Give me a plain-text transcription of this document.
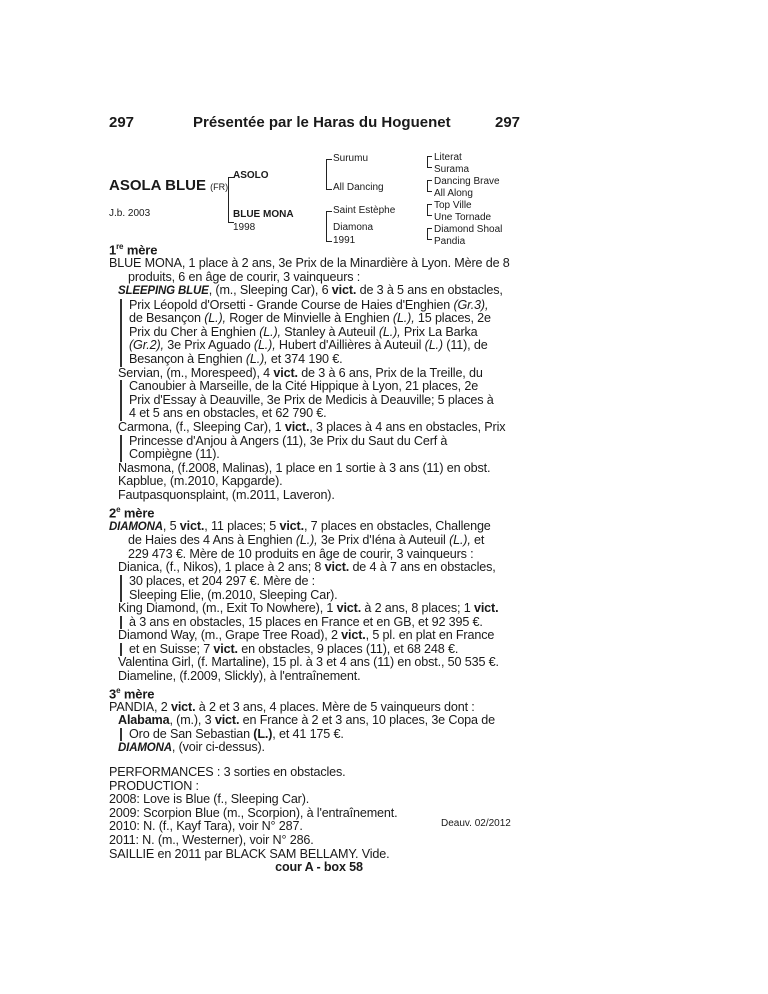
297	Présentée par le Haras du Hoguenet	297
ASOLA BLUE (FR)
J.b. 2003
ASOLO
BLUE MONA
1998
Surumu
All Dancing
Saint Estèphe
Diamona
1991
Literat
Surama
Dancing Brave
All Along
Top Ville
Une Tornade
Diamond Shoal
Pandia

1re mère

BLUE MONA, 1 place à 2 ans, 3e Prix de la Minardière à Lyon. Mère de 8 produits, 6 en âge de courir, 3 vainqueurs :

SLEEPING BLUE, (m., Sleeping Car), 6 vict. de 3 à 5 ans en obstacles,

Prix Léopold d'Orsetti - Grande Course de Haies d'Enghien (Gr.3),

de Besançon (L.), Roger de Minvielle à Enghien (L.), 15 places, 2e

Prix du Cher à Enghien (L.), Stanley à Auteuil (L.), Prix La Barka

(Gr.2), 3e Prix Aguado (L.), Hubert d'Aillières à Auteuil (L.) (11), de

Besançon à Enghien (L.), et 374 190 €.

Servian, (m., Morespeed), 4 vict. de 3 à 6 ans, Prix de la Treille, du

Canoubier à Marseille, de la Cité Hippique à Lyon, 21 places, 2e

Prix d'Essay à Deauville, 3e Prix de Medicis à Deauville; 5 places à

4 et 5 ans en obstacles, et 62 790 €.

Carmona, (f., Sleeping Car), 1 vict., 3 places à 4 ans en obstacles, Prix

Princesse d'Anjou à Angers (11), 3e Prix du Saut du Cerf à

Compiègne (11).

Nasmona, (f.2008, Malinas), 1 place en 1 sortie à 3 ans (11) en obst.

Kapblue, (m.2010, Kapgarde).

Fautpasquonsplaint, (m.2011, Laveron).

2e mère

DIAMONA, 5 vict., 11 places; 5 vict., 7 places en obstacles, Challenge

de Haies des 4 Ans à Enghien (L.), 3e Prix d'Iéna à Auteuil (L.), et

229 473 €. Mère de 10 produits en âge de courir, 3 vainqueurs :

Dianica, (f., Nikos), 1 place à 2 ans; 8 vict. de 4 à 7 ans en obstacles,

30 places, et 204 297 €. Mère de :

Sleeping Elie, (m.2010, Sleeping Car).

King Diamond, (m., Exit To Nowhere), 1 vict. à 2 ans, 8 places; 1 vict.

à 3 ans en obstacles, 15 places en France et en GB, et 92 395 €.

Diamond Way, (m., Grape Tree Road), 2 vict., 5 pl. en plat en France

et en Suisse; 7 vict. en obstacles, 9 places (11), et 68 248 €.

Valentina Girl, (f. Martaline), 15 pl. à 3 et 4 ans (11) en obst., 50 535 €.

Diameline, (f.2009, Slickly), à l'entraînement.

3e mère

PANDIA, 2 vict. à 2 et 3 ans, 4 places. Mère de 5 vainqueurs dont :

Alabama, (m.), 3 vict. en France à 2 et 3 ans, 10 places, 3e Copa de

Oro de San Sebastian (L.), et 41 175 €.

DIAMONA, (voir ci-dessus).

PERFORMANCES : 3 sorties en obstacles.

PRODUCTION :

2008: Love is Blue (f., Sleeping Car).

2009: Scorpion Blue (m., Scorpion), à l'entraînement.

2010: N. (f., Kayf Tara), voir N° 287.

2011: N. (m., Westerner), voir N° 286.

SAILLIE en 2011 par BLACK SAM BELLAMY. Vide.

cour A - box 58

Deauv. 02/2012
